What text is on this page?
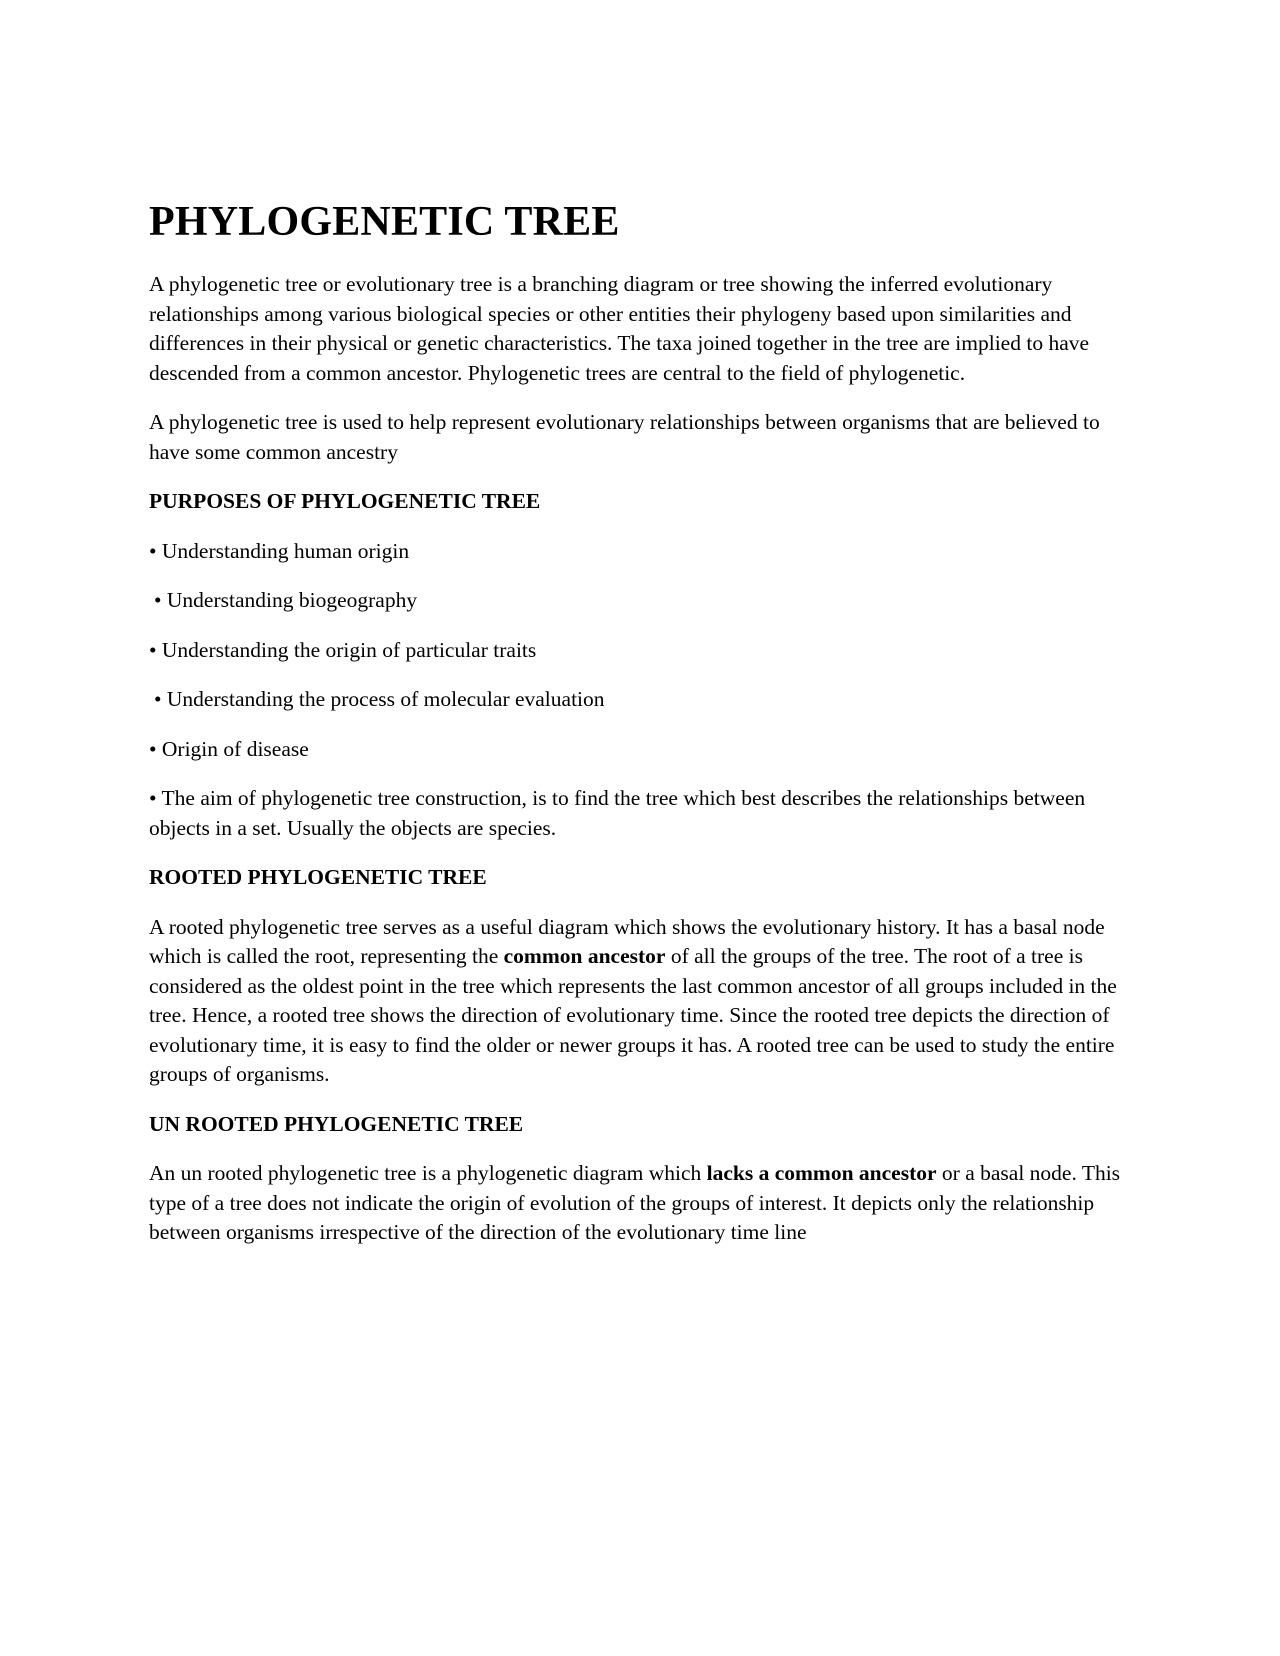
PHYLOGENETIC TREE

A phylogenetic tree or evolutionary tree is a branching diagram or tree showing the inferred evolutionary relationships among various biological species or other entities their phylogeny based upon similarities and differences in their physical or genetic characteristics. The taxa joined together in the tree are implied to have descended from a common ancestor. Phylogenetic trees are central to the field of phylogenetic.

A phylogenetic tree is used to help represent evolutionary relationships between organisms that are believed to have some common ancestry

PURPOSES OF PHYLOGENETIC TREE

• Understanding human origin

• Understanding biogeography

• Understanding the origin of particular traits

• Understanding the process of molecular evaluation

• Origin of disease

• The aim of phylogenetic tree construction, is to find the tree which best describes the relationships between objects in a set. Usually the objects are species.

ROOTED PHYLOGENETIC TREE

A rooted phylogenetic tree serves as a useful diagram which shows the evolutionary history. It has a basal node which is called the root, representing the common ancestor of all the groups of the tree. The root of a tree is considered as the oldest point in the tree which represents the last common ancestor of all groups included in the tree. Hence, a rooted tree shows the direction of evolutionary time. Since the rooted tree depicts the direction of evolutionary time, it is easy to find the older or newer groups it has. A rooted tree can be used to study the entire groups of organisms.

UN ROOTED PHYLOGENETIC TREE

An un rooted phylogenetic tree is a phylogenetic diagram which lacks a common ancestor or a basal node. This type of a tree does not indicate the origin of evolution of the groups of interest. It depicts only the relationship between organisms irrespective of the direction of the evolutionary time line
